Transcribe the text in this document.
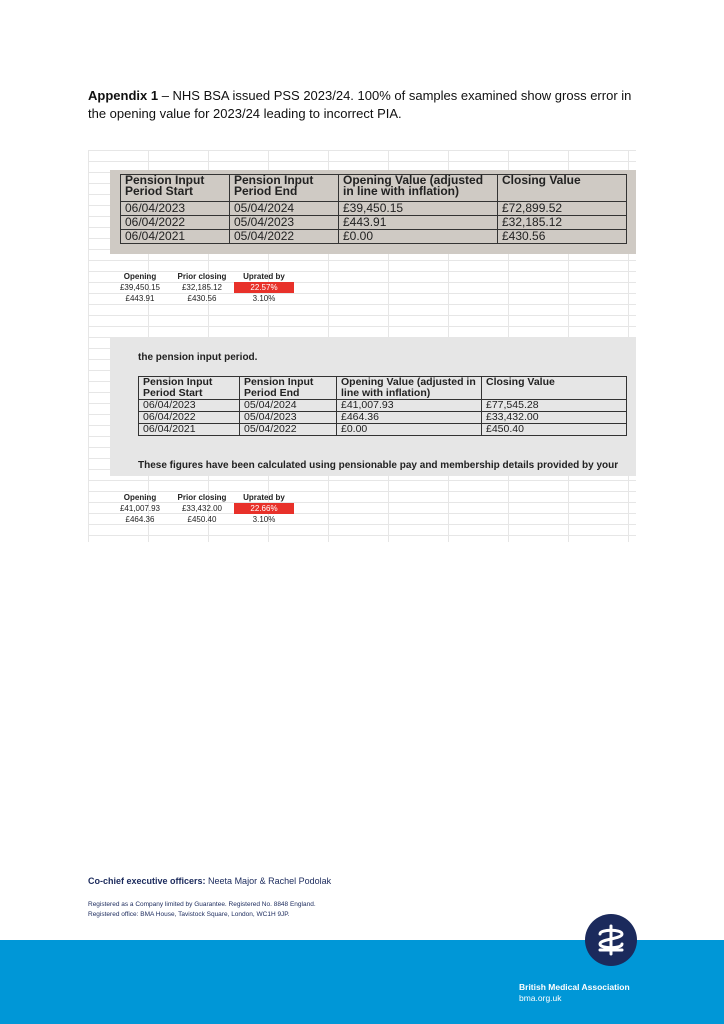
Appendix 1 – NHS BSA issued PSS 2023/24. 100% of samples examined show gross error in the opening value for 2023/24 leading to incorrect PIA.
Pension Input Period Start	Pension Input Period End	Opening Value (adjusted in line with inflation)	Closing Value
06/04/2023	05/04/2024	£39,450.15	£72,899.52
06/04/2022	05/04/2023	£443.91	£32,185.12
06/04/2021	05/04/2022	£0.00	£430.56
Opening	Prior closing	Uprated by
£39,450.15	£32,185.12	22.57%
£443.91	£430.56	3.10%
the pension input period.
Pension Input Period Start	Pension Input Period End	Opening Value (adjusted in line with inflation)	Closing Value
06/04/2023	05/04/2024	£41,007.93	£77,545.28
06/04/2022	05/04/2023	£464.36	£33,432.00
06/04/2021	05/04/2022	£0.00	£450.40
These figures have been calculated using pensionable pay and membership details provided by your
Opening	Prior closing	Uprated by
£41,007.93	£33,432.00	22.66%
£464.36	£450.40	3.10%
Co-chief executive officers: Neeta Major & Rachel Podolak
Registered as a Company limited by Guarantee. Registered No. 8848 England.
Registered office: BMA House, Tavistock Square, London, WC1H 9JP.
British Medical Association
bma.org.uk
